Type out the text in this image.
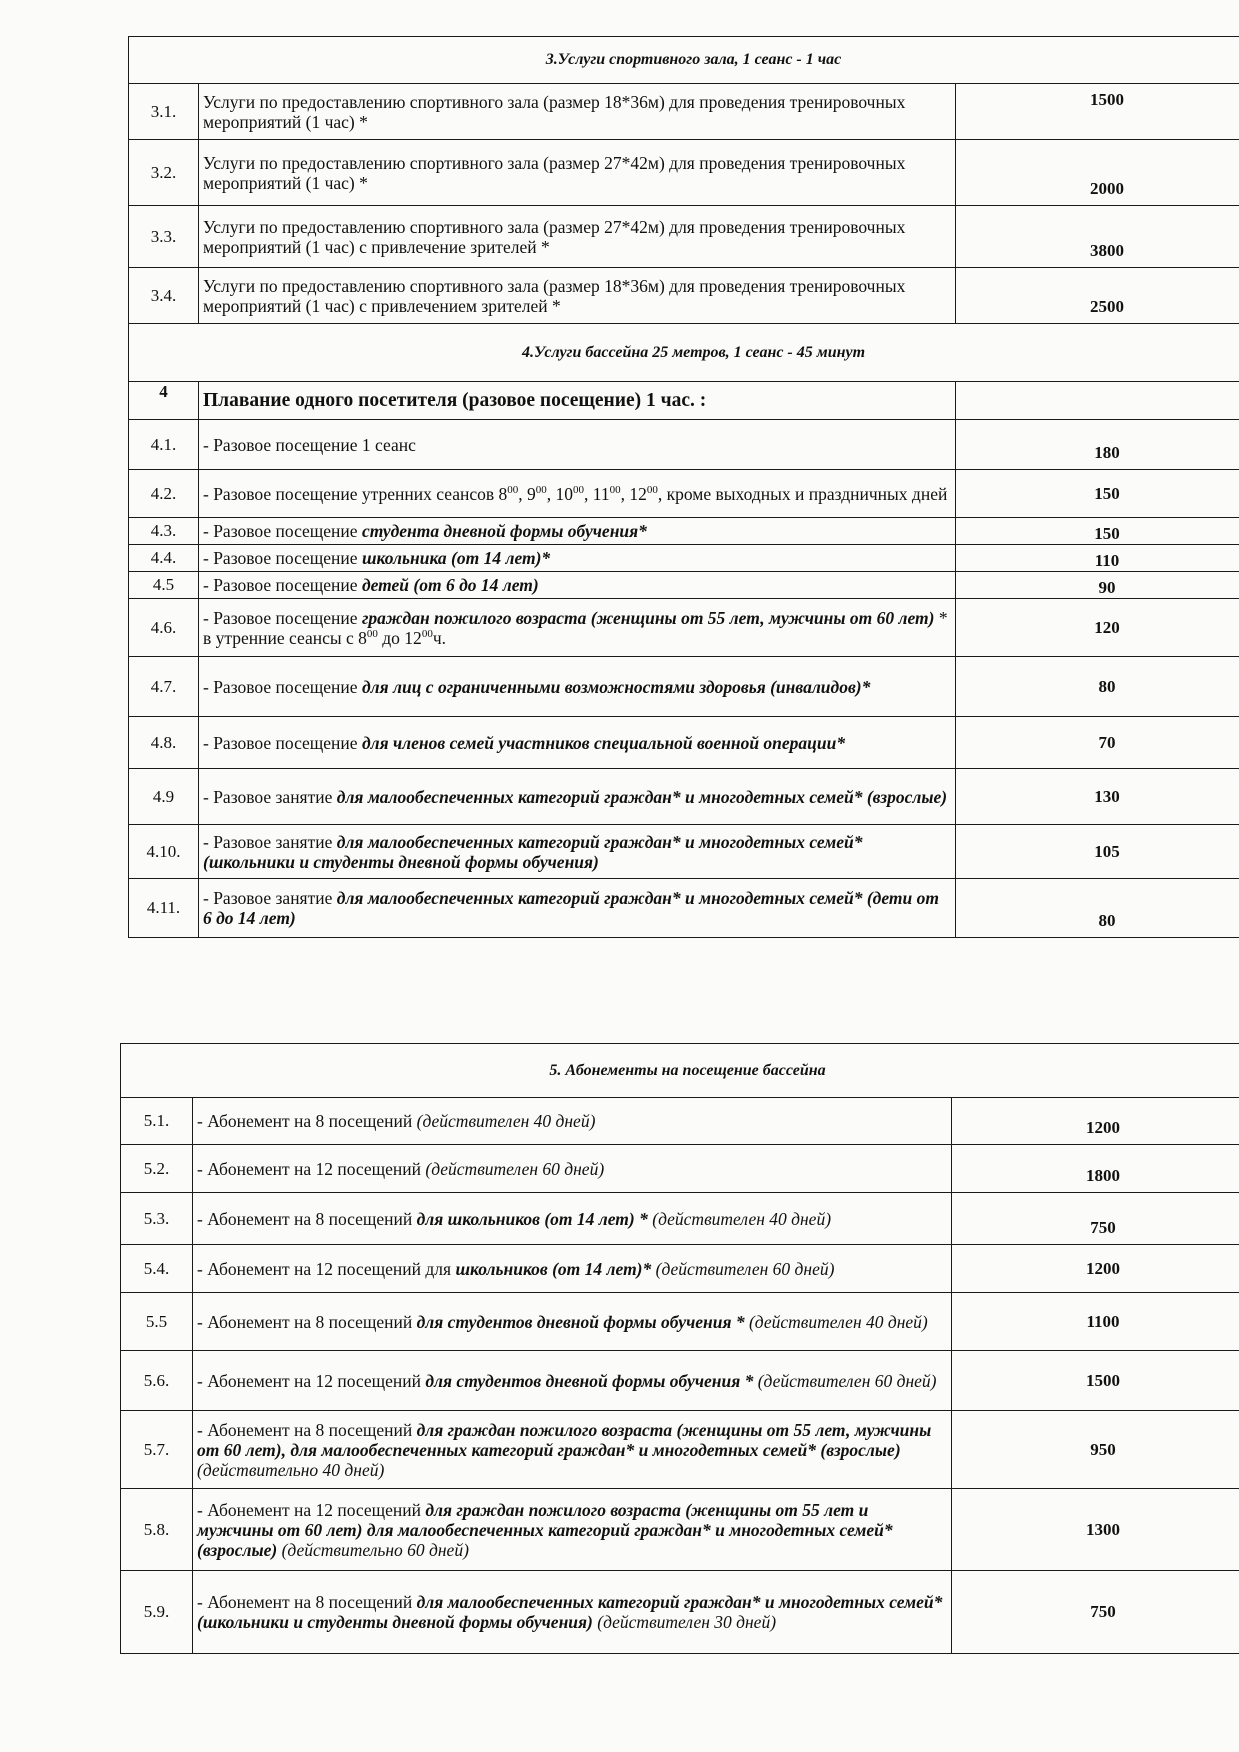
3.Услуги спортивного зала, 1 сеанс - 1 час		
3.1.	Услуги по предоставлению спортивного зала (размер 18*36м) для проведения тренировочных мероприятий (1 час) *	1500
3.2.	Услуги по предоставлению спортивного зала (размер 27*42м) для проведения тренировочных мероприятий (1 час) *	2000
3.3.	Услуги по предоставлению спортивного зала (размер 27*42м) для проведения тренировочных мероприятий (1 час) с привлечение зрителей *	3800
3.4.	Услуги по предоставлению спортивного зала (размер 18*36м) для проведения тренировочных мероприятий (1 час) с привлечением зрителей *	2500
4.Услуги бассейна 25 метров, 1 сеанс - 45 минут		
4	Плавание одного посетителя (разовое посещение) 1 час. :	
4.1.	- Разовое посещение 1 сеанс	180
4.2.	- Разовое посещение утренних сеансов $8^{00}$, $9^{00}$, $10^{00}$, $11^{00}$, $12^{00}$, кроме выходных и праздничных дней	150
4.3.	- Разовое посещение студента дневной формы обучения*	150
4.4.	- Разовое посещение школьника (от 14 лет)*	110
4.5	- Разовое посещение детей (от 6 до 14 лет)	90
4.6.	- Разовое посещение граждан пожилого возраста (женщины от 55 лет, мужчины от 60 лет) * в утренние сеансы с $8^{00}$ до $12^{00}ч$.	120
4.7.	- Разовое посещение для лиц с ограниченными возможностями здоровья (инвалидов)*	80
4.8.	- Разовое посещение для членов семей участников специальной военной операции*	70
4.9	- Разовое занятие для малообеспеченных категорий граждан* и многодетных семей* (взрослые)	130
4.10.	- Разовое занятие для малообеспеченных категорий граждан* и многодетных семей* (школьники и студенты дневной формы обучения)	105
4.11.	- Разовое занятие для малообеспеченных категорий граждан* и многодетных семей* (дети от 6 до 14 лет)	80
5. Абонементы на посещение бассейна		
5.1.	- Абонемент на 8 посещений (действителен 40 дней)	1200
5.2.	- Абонемент на 12 посещений (действителен 60 дней)	1800
5.3.	- Абонемент на 8 посещений для школьников (от 14 лет) * (действителен 40 дней)	750
5.4.	- Абонемент на 12 посещений для школьников (от 14 лет)* (действителен 60 дней)	1200
5.5	- Абонемент на 8 посещений для студентов дневной формы обучения * (действителен 40 дней)	1100
5.6.	- Абонемент на 12 посещений для студентов дневной формы обучения * (действителен 60 дней)	1500
5.7.	- Абонемент на 8 посещений для граждан пожилого возраста (женщины от 55 лет, мужчины от 60 лет), для малообеспеченных категорий граждан* и многодетных семей* (взрослые) (действительно 40 дней)	950
5.8.	- Абонемент на 12 посещений для граждан пожилого возраста (женщины от 55 лет и мужчины от 60 лет) для малообеспеченных категорий граждан* и многодетных семей* (взрослые) (действительно 60 дней)	1300
5.9.	- Абонемент на 8 посещений для малообеспеченных категорий граждан* и многодетных семей* (школьники и студенты дневной формы обучения) (действителен 30 дней)	750
